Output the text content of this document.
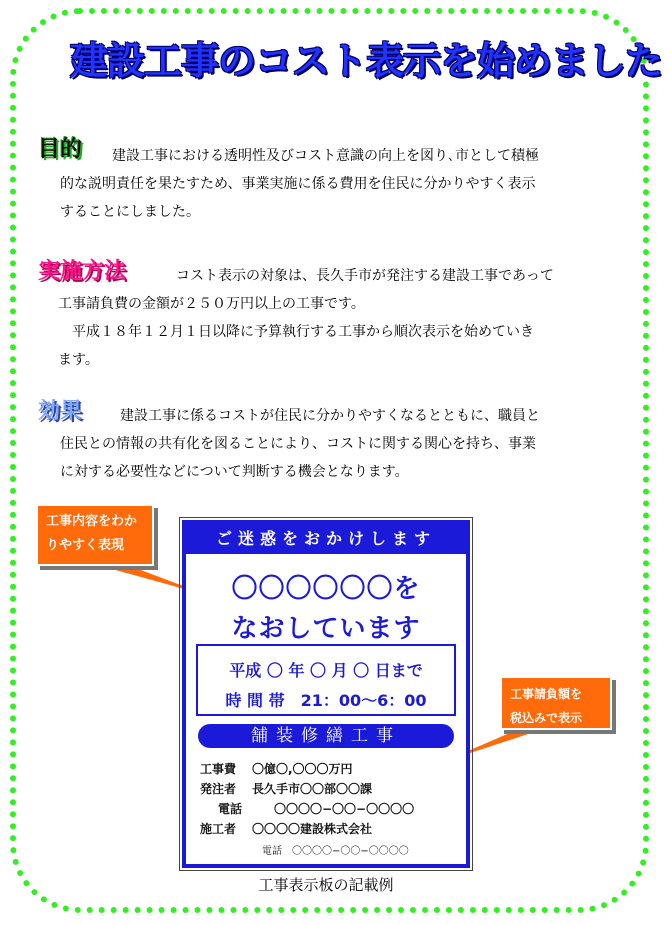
建設工事のコスト表示を始めました
目的	建設工事における透明性及びコスト意識の向上を図り､市として積極
的な説明責任を果たすため、事業実施に係る費用を住民に分かりやすく表示
することにしました。

実施方法	コスト表示の対象は、長久手市が発注する建設工事であって
工事請負費の金額が２５０万円以上の工事です。
平成１８年１２月１日以降に予算執行する工事から順次表示を始めていき
ます。

効果	建設工事に係るコストが住民に分かりやすくなるとともに、職員と
住民との情報の共有化を図ることにより、コストに関する関心を持ち、事業
に対する必要性などについて判断する機会となります。

工事内容をわか
りやすく表現
工事請負額を
税込みで表示
ご迷惑をおかけします
〇〇〇〇〇〇を
なおしています
平成 〇 年 〇 月 〇 日まで
時 間 帯　21：00〜6：00
舗装修繕工事
工事費 〇億〇,〇〇〇万円
発注者 長久手市〇〇部〇〇課
電話	〇〇〇〇−〇〇−〇〇〇〇
施工者 〇〇〇〇建設株式会社
電話 〇〇〇〇−〇〇−〇〇〇〇
工事表示板の記載例
